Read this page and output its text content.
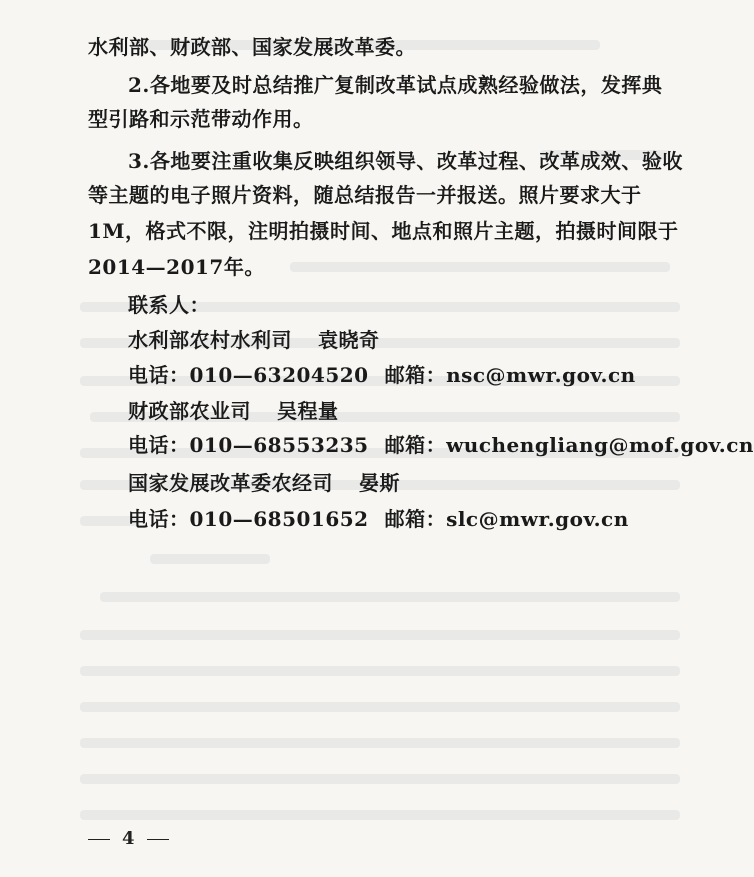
水利部、财政部、国家发展改革委。
2.各地要及时总结推广复制改革试点成熟经验做法，发挥典
型引路和示范带动作用。
3.各地要注重收集反映组织领导、改革过程、改革成效、验收
等主题的电子照片资料，随总结报告一并报送。照片要求大于
1M，格式不限，注明拍摄时间、地点和照片主题，拍摄时间限于
2014—2017年。
联系人：
水利部农村水利司 袁晓奇
电话：010—63204520 邮箱：nsc@mwr.gov.cn
财政部农业司 吴程量
电话：010—68553235 邮箱：wuchengliang@mof.gov.cn
国家发展改革委农经司 晏斯
电话：010—68501652 邮箱：slc@mwr.gov.cn
4
